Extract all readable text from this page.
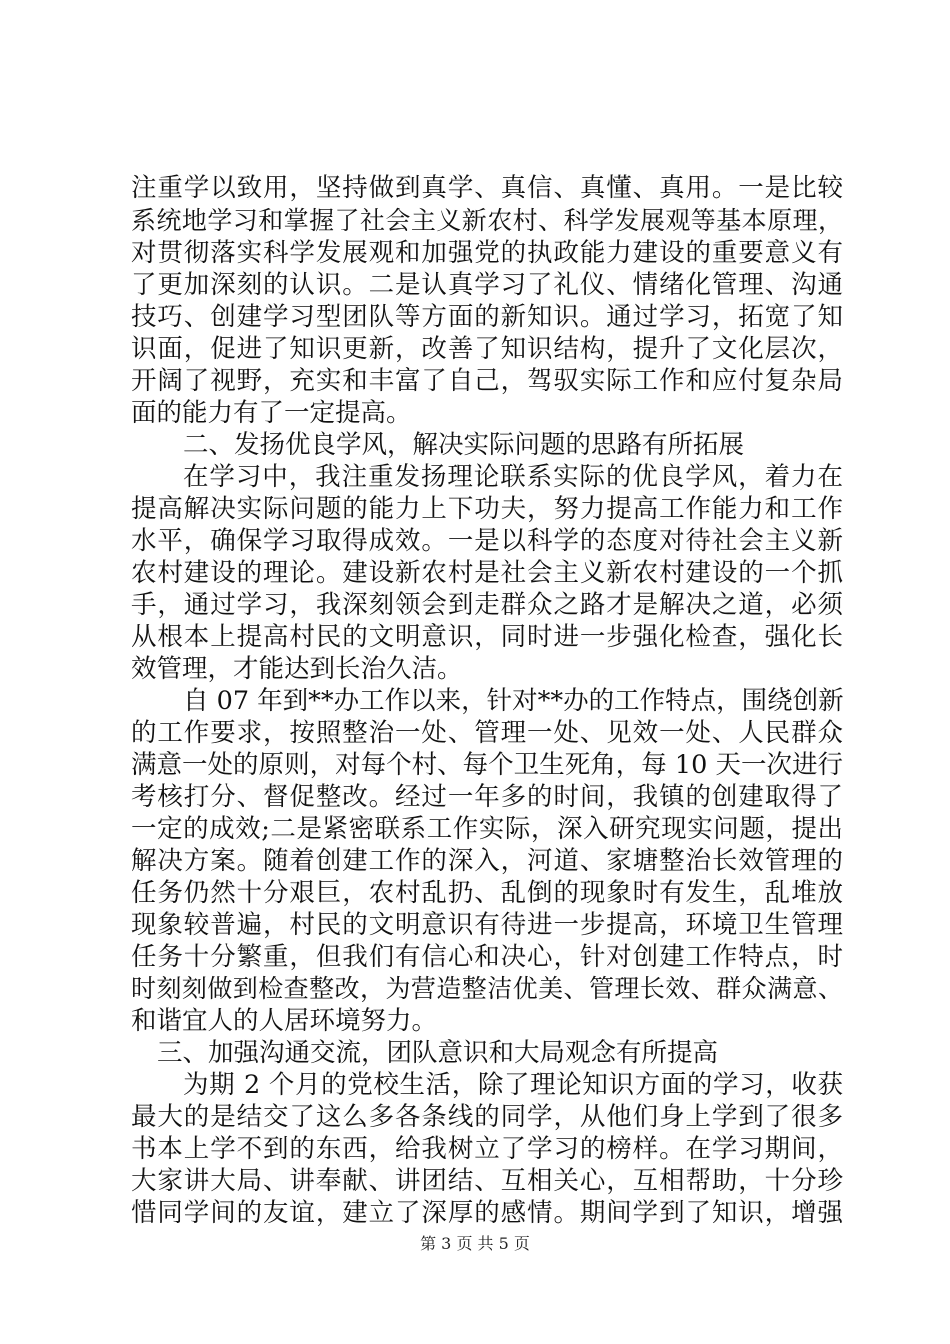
注重学以致用，坚持做到真学、真信、真懂、真用。一是比较
系统地学习和掌握了社会主义新农村、科学发展观等基本原理，
对贯彻落实科学发展观和加强党的执政能力建设的重要意义有
了更加深刻的认识。二是认真学习了礼仪、情绪化管理、沟通
技巧、创建学习型团队等方面的新知识。通过学习，拓宽了知
识面，促进了知识更新，改善了知识结构，提升了文化层次，
开阔了视野，充实和丰富了自己，驾驭实际工作和应付复杂局
面的能力有了一定提高。
二、发扬优良学风，解决实际问题的思路有所拓展
在学习中，我注重发扬理论联系实际的优良学风，着力在
提高解决实际问题的能力上下功夫，努力提高工作能力和工作
水平，确保学习取得成效。一是以科学的态度对待社会主义新
农村建设的理论。建设新农村是社会主义新农村建设的一个抓
手，通过学习，我深刻领会到走群众之路才是解决之道，必须
从根本上提高村民的文明意识，同时进一步强化检查，强化长
效管理，才能达到长治久洁。
自 07 年到**办工作以来，针对**办的工作特点，围绕创新
的工作要求，按照整治一处、管理一处、见效一处、人民群众
满意一处的原则，对每个村、每个卫生死角，每 10 天一次进行
考核打分、督促整改。经过一年多的时间，我镇的创建取得了
一定的成效;二是紧密联系工作实际，深入研究现实问题，提出
解决方案。随着创建工作的深入，河道、家塘整治长效管理的
任务仍然十分艰巨，农村乱扔、乱倒的现象时有发生，乱堆放
现象较普遍，村民的文明意识有待进一步提高，环境卫生管理
任务十分繁重，但我们有信心和决心，针对创建工作特点，时
时刻刻做到检查整改，为营造整洁优美、管理长效、群众满意、
和谐宜人的人居环境努力。
三、加强沟通交流，团队意识和大局观念有所提高
为期 2 个月的党校生活，除了理论知识方面的学习，收获
最大的是结交了这么多各条线的同学，从他们身上学到了很多
书本上学不到的东西，给我树立了学习的榜样。在学习期间，
大家讲大局、讲奉献、讲团结、互相关心，互相帮助，十分珍
惜同学间的友谊，建立了深厚的感情。期间学到了知识，增强
第 3 页 共 5 页
